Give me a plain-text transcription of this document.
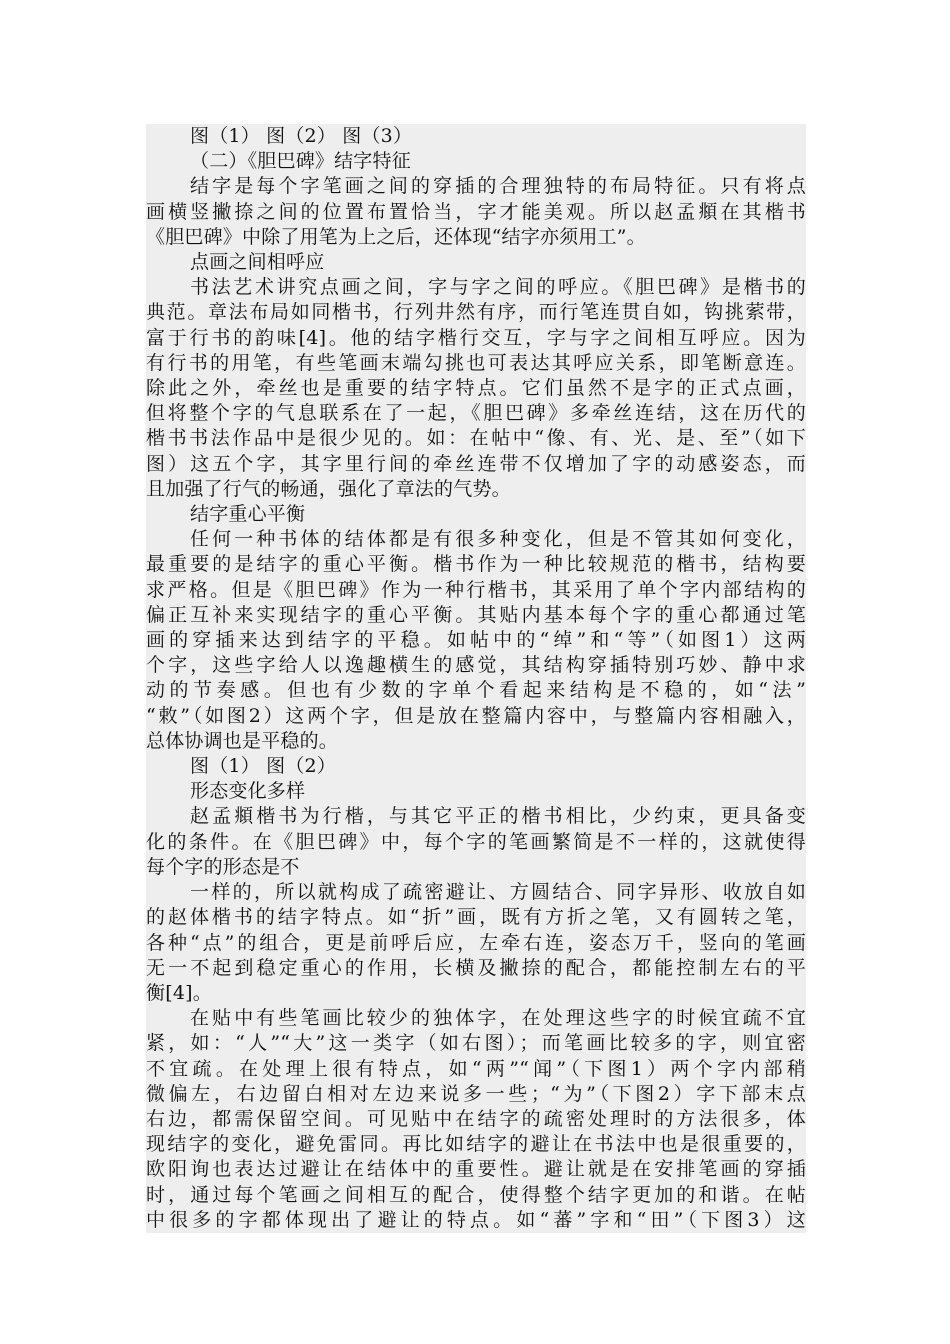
图（1） 图（2） 图（3）
（二）《胆巴碑》结字特征
结字是每个字笔画之间的穿插的合理独特的布局特征。只有将点
画横竖撇捺之间的位置布置恰当，字才能美观。所以赵孟頫在其楷书
《胆巴碑》中除了用笔为上之后，还体现“结字亦须用工”。
点画之间相呼应
书法艺术讲究点画之间，字与字之间的呼应。《胆巴碑》是楷书的
典范。章法布局如同楷书，行列井然有序，而行笔连贯自如，钩挑萦带，
富于行书的韵味[4]。他的结字楷行交互，字与字之间相互呼应。因为
有行书的用笔，有些笔画末端勾挑也可表达其呼应关系，即笔断意连。
除此之外，牵丝也是重要的结字特点。它们虽然不是字的正式点画，
但将整个字的气息联系在了一起，《胆巴碑》多牵丝连结，这在历代的
楷书书法作品中是很少见的。如：在帖中“像、有、光、是、至”（如下
图）这五个字，其字里行间的牵丝连带不仅增加了字的动感姿态，而
且加强了行气的畅通，强化了章法的气势。
结字重心平衡
任何一种书体的结体都是有很多种变化，但是不管其如何变化，
最重要的是结字的重心平衡。楷书作为一种比较规范的楷书，结构要
求严格。但是《胆巴碑》作为一种行楷书，其采用了单个字内部结构的
偏正互补来实现结字的重心平衡。其贴内基本每个字的重心都通过笔
画的穿插来达到结字的平稳。如帖中的“绰”和“等”（如图1）这两
个字，这些字给人以逸趣横生的感觉，其结构穿插特别巧妙、静中求
动的节奏感。但也有少数的字单个看起来结构是不稳的，如“法”
“敕”（如图2）这两个字，但是放在整篇内容中，与整篇内容相融入，
总体协调也是平稳的。
图（1） 图（2）
形态变化多样
赵孟頫楷书为行楷，与其它平正的楷书相比，少约束，更具备变
化的条件。在《胆巴碑》中，每个字的笔画繁简是不一样的，这就使得
每个字的形态是不
一样的，所以就构成了疏密避让、方圆结合、同字异形、收放自如
的赵体楷书的结字特点。如“折”画，既有方折之笔，又有圆转之笔，
各种“点”的组合，更是前呼后应，左牵右连，姿态万千，竖向的笔画
无一不起到稳定重心的作用，长横及撇捺的配合，都能控制左右的平
衡[4]。
在贴中有些笔画比较少的独体字，在处理这些字的时候宜疏不宜
紧，如：“人”“大”这一类字（如右图）；而笔画比较多的字，则宜密
不宜疏。在处理上很有特点，如“两”“闻”（下图1）两个字内部稍
微偏左，右边留白相对左边来说多一些；“为”（下图2）字下部末点
右边，都需保留空间。可见贴中在结字的疏密处理时的方法很多，体
现结字的变化，避免雷同。再比如结字的避让在书法中也是很重要的，
欧阳询也表达过避让在结体中的重要性。避让就是在安排笔画的穿插
时，通过每个笔画之间相互的配合，使得整个结字更加的和谐。在帖
中很多的字都体现出了避让的特点。如“蕃”字和“田”（下图3）这
